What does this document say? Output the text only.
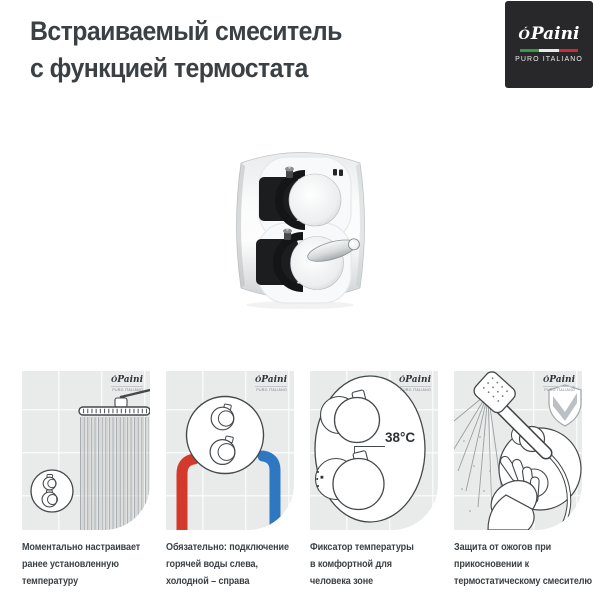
Встраиваемый смеситель
с функцией термостата
ÓPaini
PURO ITALIANO
ÓPaini
PURO ITALIANO
Моментально настраивает
ранее установленную
температуру
ÓPaini
PURO ITALIANO
Обязательно: подключение
горячей воды слева,
холодной – справа
ÓPaini
PURO ITALIANO
38°C
Фиксатор температуры
в комфортной для
человека зоне
ÓPaini
PURO ITALIANO
Защита от ожогов при
прикосновении к
термостатическому смесителю
